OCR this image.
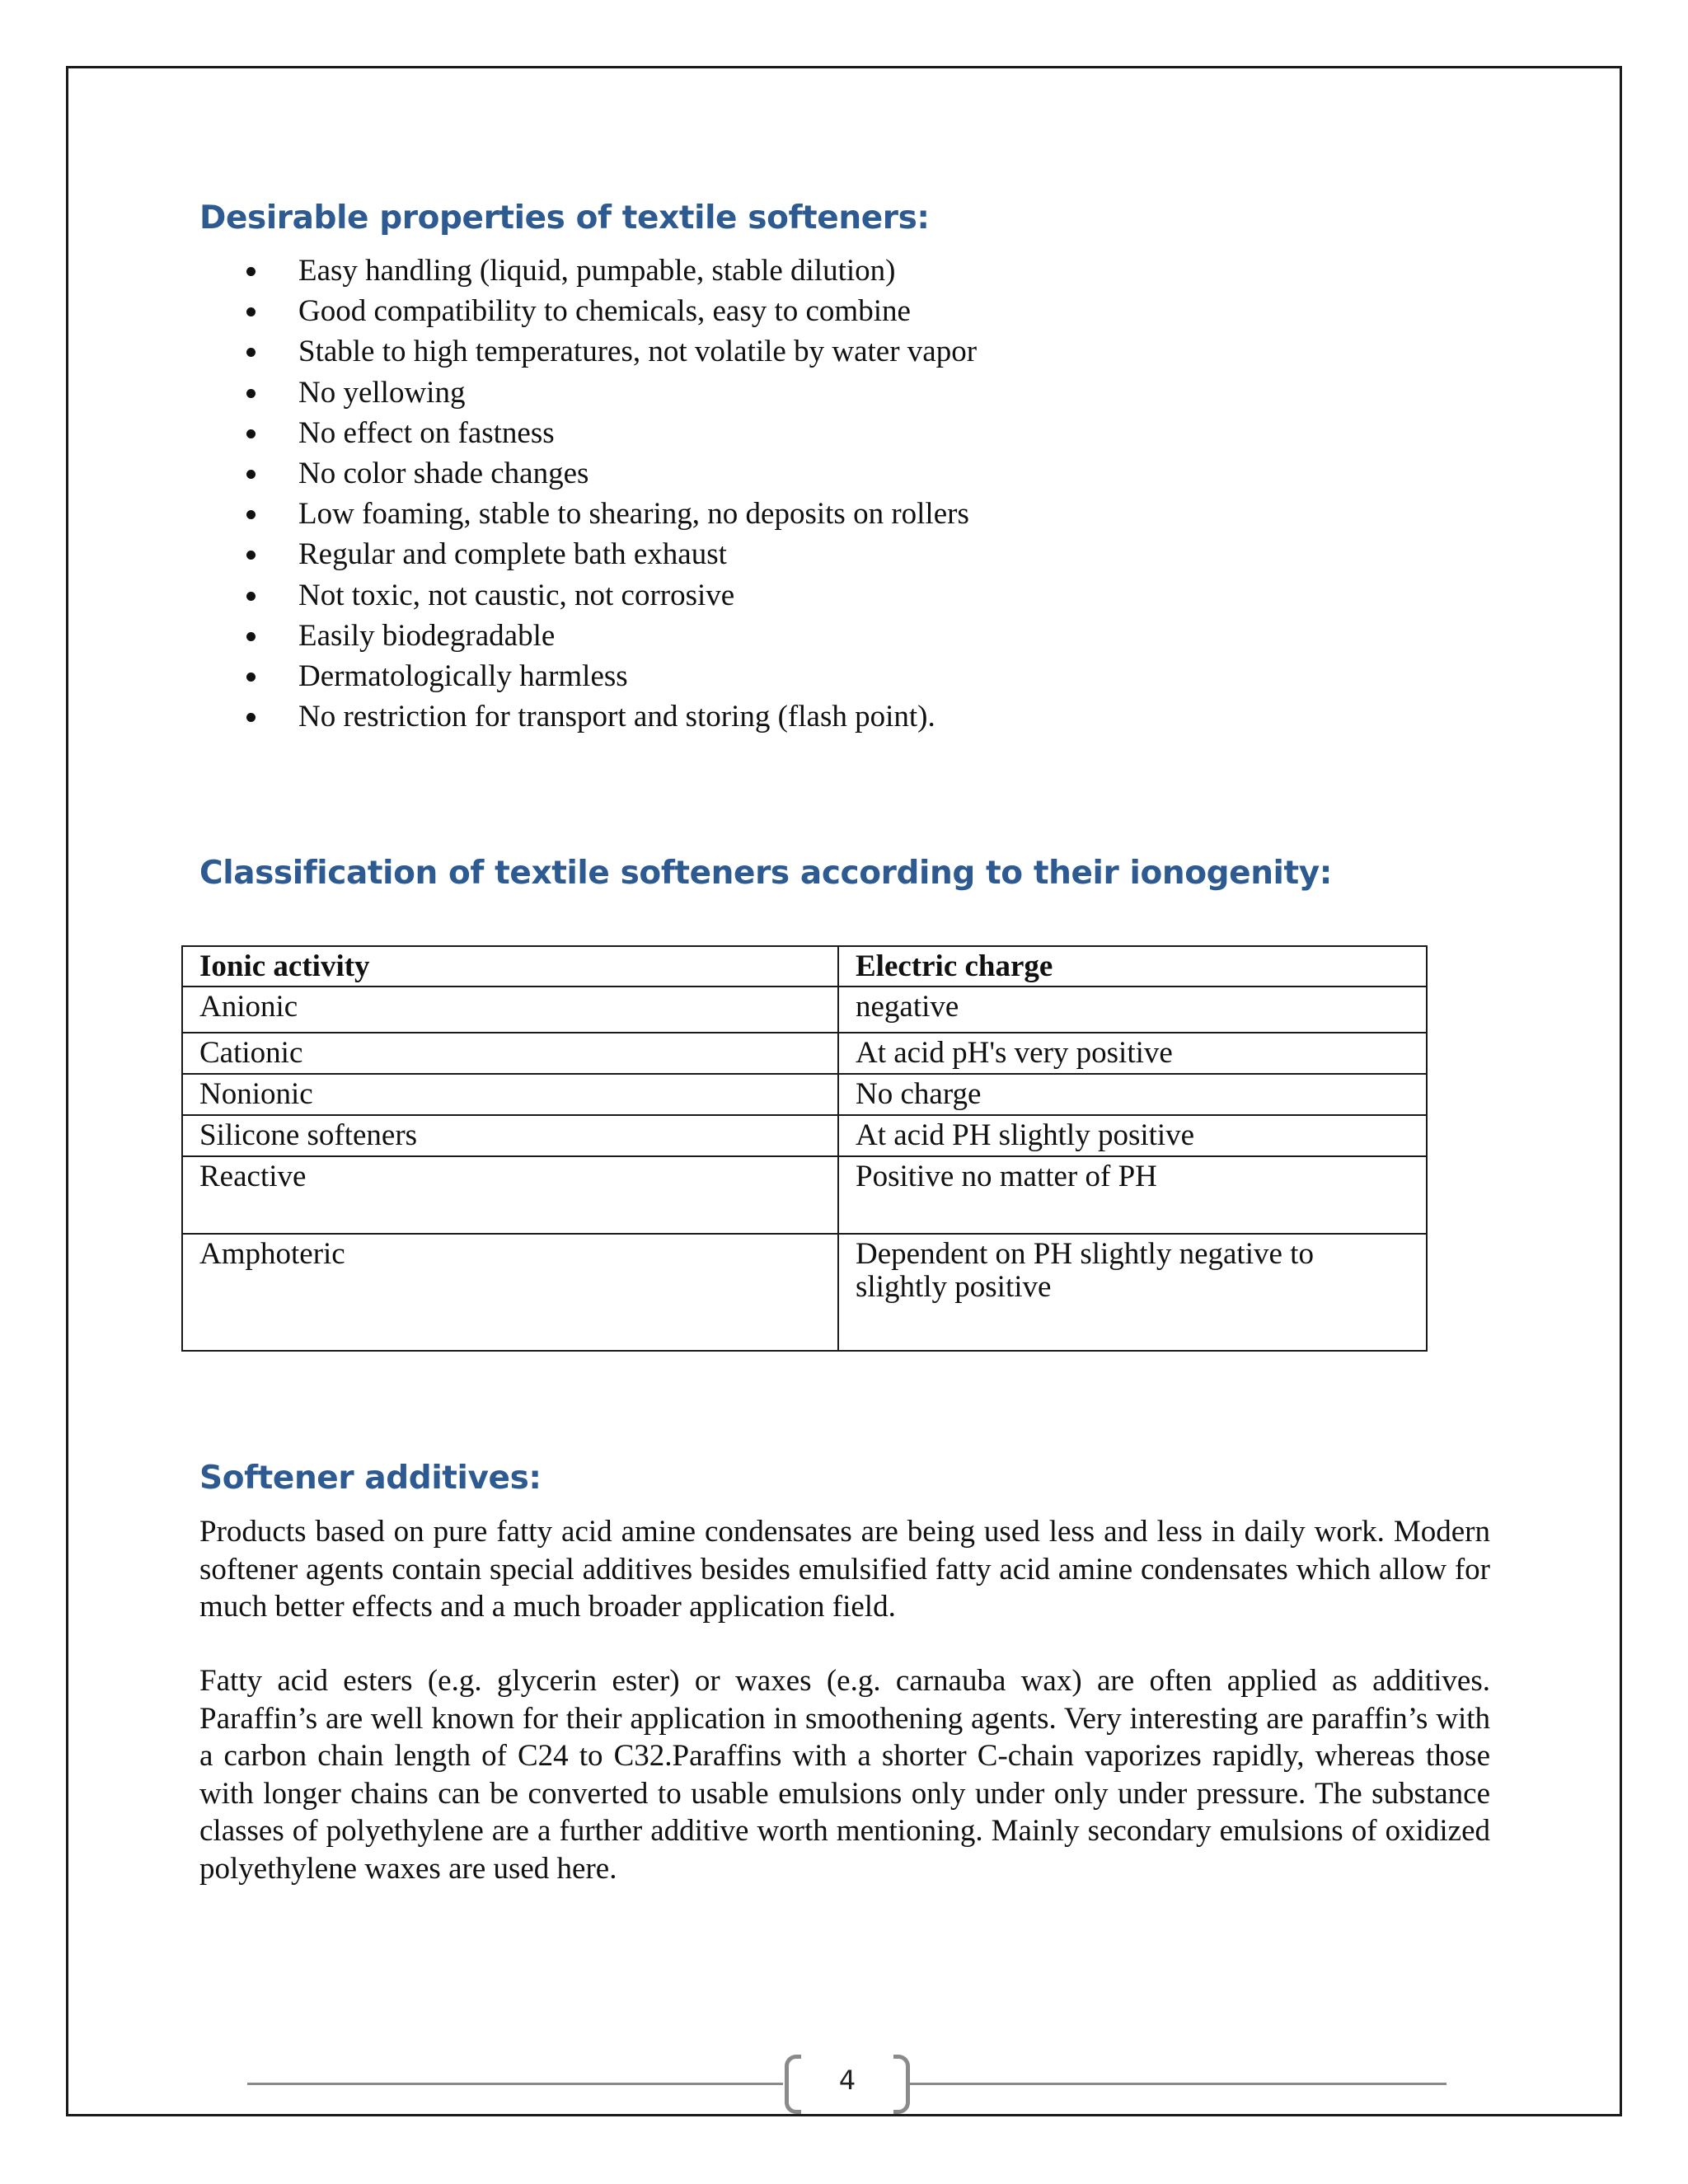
Desirable properties of textile softeners:
Easy handling (liquid, pumpable, stable dilution)
Good compatibility to chemicals, easy to combine
Stable to high temperatures, not volatile by water vapor
No yellowing
No effect on fastness
No color shade changes
Low foaming, stable to shearing, no deposits on rollers
Regular and complete bath exhaust
Not toxic, not caustic, not corrosive
Easily biodegradable
Dermatologically harmless
No restriction for transport and storing (flash point).
Classification of textile softeners according to their ionogenity:
Ionic activity	Electric charge

Anionic	negative

Cationic	At acid pH's very positive

Nonionic	No charge

Silicone softeners	At acid PH slightly positive

Reactive	Positive no matter of PH

Amphoteric	Dependent on PH slightly negative to slightly positive
Softener additives:

Products based on pure fatty acid amine condensates are being used less and less in daily work. Modern softener agents contain special additives besides emulsified fatty acid amine condensates which allow for much better effects and a much broader application field.

Fatty acid esters (e.g. glycerin ester) or waxes (e.g. carnauba wax) are often applied as additives. Paraffin’s are well known for their application in smoothening agents. Very interesting are paraffin’s with a carbon chain length of C24 to C32.Paraffins with a shorter C-chain vaporizes rapidly, whereas those with longer chains can be converted to usable emulsions only under only under pressure. The substance classes of polyethylene are a further additive worth mentioning. Mainly secondary emulsions of oxidized polyethylene waxes are used here.

4
